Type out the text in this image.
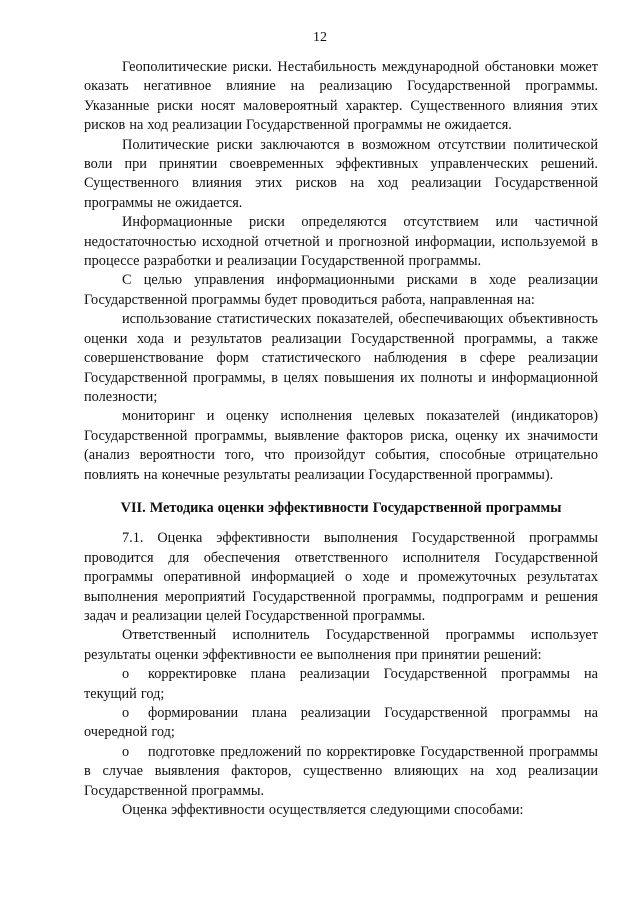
12

Геополитические риски. Нестабильность международной обстановки может оказать негативное влияние на реализацию Государственной программы. Указанные риски носят маловероятный характер. Существенного влияния этих рисков на ход реализации Государственной программы не ожидается.

Политические риски заключаются в возможном отсутствии политической воли при принятии своевременных эффективных управленческих решений. Существенного влияния этих рисков на ход реализации Государственной программы не ожидается.

Информационные риски определяются отсутствием или частичной недостаточностью исходной отчетной и прогнозной информации, используемой в процессе разработки и реализации Государственной программы.

С целью управления информационными рисками в ходе реализации Государственной программы будет проводиться работа, направленная на:

использование статистических показателей, обеспечивающих объективность оценки хода и результатов реализации Государственной программы, а также совершенствование форм статистического наблюдения в сфере реализации Государственной программы, в целях повышения их полноты и информационной полезности;

мониторинг и оценку исполнения целевых показателей (индикаторов) Государственной программы, выявление факторов риска, оценку их значимости (анализ вероятности того, что произойдут события, способные отрицательно повлиять на конечные результаты реализации Государственной программы).

VII. Методика оценки эффективности Государственной программы

7.1. Оценка эффективности выполнения Государственной программы проводится для обеспечения ответственного исполнителя Государственной программы оперативной информацией о ходе и промежуточных результатах выполнения мероприятий Государственной программы, подпрограмм и решения задач и реализации целей Государственной программы.

Ответственный исполнитель Государственной программы использует результаты оценки эффективности ее выполнения при принятии решений:

o корректировке плана реализации Государственной программы на текущий год;

o формировании плана реализации Государственной программы на очередной год;

o подготовке предложений по корректировке Государственной программы в случае выявления факторов, существенно влияющих на ход реализации Государственной программы.

Оценка эффективности осуществляется следующими способами:
